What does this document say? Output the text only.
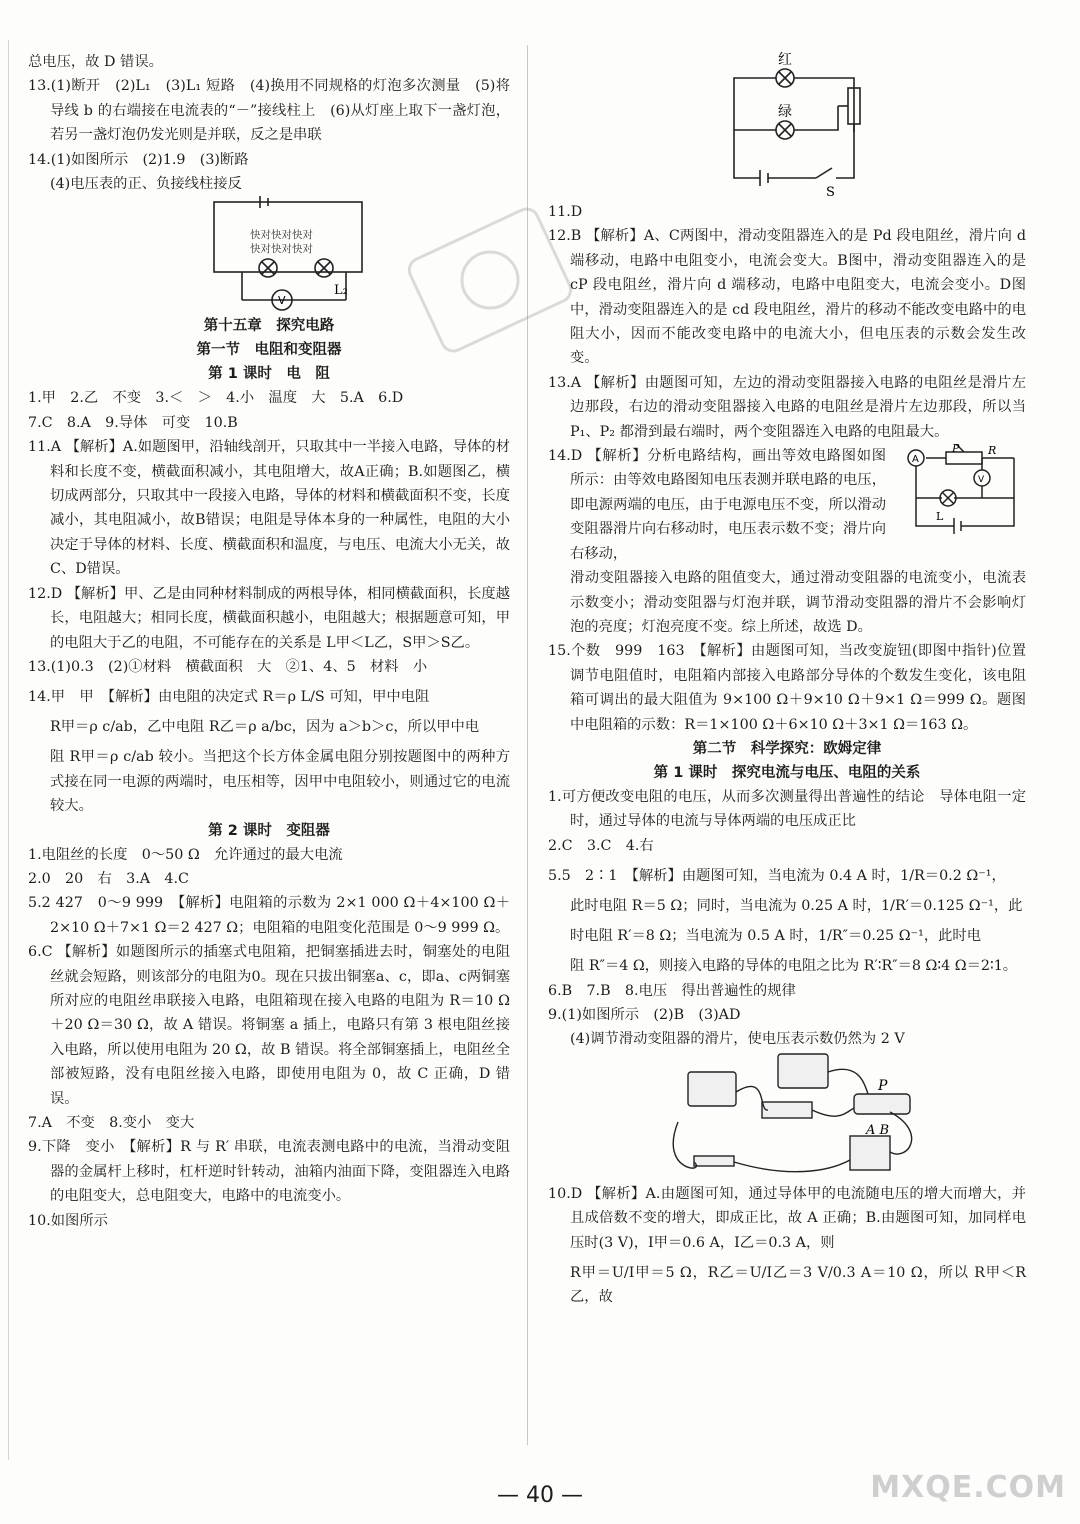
总电压，故 D 错误。

13.(1)断开　(2)L₁　(3)L₁ 短路　(4)换用不同规格的灯泡多次测量　(5)将导线 b 的右端接在电流表的“－”接线柱上　(6)从灯座上取下一盏灯泡，若另一盏灯泡仍发光则是并联，反之是串联

14.(1)如图所示　(2)1.9　(3)断路

(4)电压表的正、负接线柱接反

V
快对快对快对
快对快对快对
L₂

第十五章　探究电路

第一节　电阻和变阻器

第 1 课时　电　阻

1.甲　2.乙　不变　3.＜　＞　4.小　温度　大　5.A　6.D

7.C　8.A　9.导体　可变　10.B

11.A 【解析】A.如题图甲，沿轴线剖开，只取其中一半接入电路，导体的材料和长度不变，横截面积减小，其电阻增大，故A正确；B.如题图乙，横切成两部分，只取其中一段接入电路，导体的材料和横截面积不变，长度减小，其电阻减小，故B错误；电阻是导体本身的一种属性，电阻的大小决定于导体的材料、长度、横截面积和温度，与电压、电流大小无关，故C、D错误。

12.D 【解析】甲、乙是由同种材料制成的两根导体，相同横截面积，长度越长，电阻越大；相同长度，横截面积越小，电阻越大；根据题意可知，甲的电阻大于乙的电阻，不可能存在的关系是 L甲＜L乙，S甲＞S乙。

13.(1)0.3　(2)①材料　横截面积　大　②1、4、5　材料　小

14.甲　甲　【解析】由电阻的决定式 R＝ρ L/S 可知，甲中电阻

R甲＝ρ c/ab，乙中电阻 R乙＝ρ a/bc，因为 a＞b＞c，所以甲中电

阻 R甲＝ρ c/ab 较小。当把这个长方体金属电阻分别按题图中的两种方式接在同一电源的两端时，电压相等，因甲中电阻较小，则通过它的电流较大。

第 2 课时　变阻器

1.电阻丝的长度　0～50 Ω　允许通过的最大电流

2.0　20　右　3.A　4.C

5.2 427　0～9 999　【解析】电阻箱的示数为 2×1 000 Ω＋4×100 Ω＋2×10 Ω＋7×1 Ω＝2 427 Ω；电阻箱的电阻变化范围是 0～9 999 Ω。

6.C 【解析】如题图所示的插塞式电阻箱，把铜塞插进去时，铜塞处的电阻丝就会短路，则该部分的电阻为0。现在只拔出铜塞a、c，即a、c两铜塞所对应的电阻丝串联接入电路，电阻箱现在接入电路的电阻为 R＝10 Ω＋20 Ω＝30 Ω，故 A 错误。将铜塞 a 插上，电路只有第 3 根电阻丝接入电路，所以使用电阻为 20 Ω，故 B 错误。将全部铜塞插上，电阻丝全部被短路，没有电阻丝接入电路，即使用电阻为 0，故 C 正确，D 错误。

7.A　不变　8.变小　变大

9.下降　变小　【解析】R 与 R′ 串联，电流表测电路中的电流，当滑动变阻器的金属杆上移时，杠杆逆时针转动，油箱内油面下降，变阻器连入电路的电阻变大，总电阻变大，电路中的电流变小。

10.如图所示

红
绿
S

11.D

12.B 【解析】A、C两图中，滑动变阻器连入的是 Pd 段电阻丝，滑片向 d 端移动，电路中电阻变小，电流会变大。B图中，滑动变阻器连入的是 cP 段电阻丝，滑片向 d 端移动，电路中电阻变大，电流会变小。D图中，滑动变阻器连入的是 cd 段电阻丝，滑片的移动不能改变电路中的电阻大小，因而不能改变电路中的电流大小，但电压表的示数会发生改变。

13.A 【解析】由题图可知，左边的滑动变阻器接入电路的电阻丝是滑片左边那段，右边的滑动变阻器接入电路的电阻丝是滑片左边那段，所以当 P₁、P₂ 都滑到最右端时，两个变阻器连入电路的电阻最大。

A
P	R
V
L

14.D 【解析】分析电路结构，画出等效电路图如图所示：由等效电路图知电压表测并联电路的电压，即电源两端的电压，由于电源电压不变，所以滑动变阻器滑片向右移动时，电压表示数不变；滑片向右移动，

滑动变阻器接入电路的阻值变大，通过滑动变阻器的电流变小，电流表示数变小；滑动变阻器与灯泡并联，调节滑动变阻器的滑片不会影响灯泡的亮度；灯泡亮度不变。综上所述，故选 D。

15.个数　999　163　【解析】由题图可知，当改变旋钮(即图中指针)位置调节电阻值时，电阻箱内部接入电路部分导体的个数发生变化，该电阻箱可调出的最大阻值为 9×100 Ω＋9×10 Ω＋9×1 Ω＝999 Ω。题图中电阻箱的示数：R＝1×100 Ω＋6×10 Ω＋3×1 Ω＝163 Ω。

第二节　科学探究：欧姆定律

第 1 课时　探究电流与电压、电阻的关系

1.可方便改变电阻的电压，从而多次测量得出普遍性的结论　导体电阻一定时，通过导体的电流与导体两端的电压成正比

2.C　3.C　4.右

5.5　2∶1　【解析】由题图可知，当电流为 0.4 A 时，1/R＝0.2 Ω⁻¹，

此时电阻 R＝5 Ω；同时，当电流为 0.25 A 时，1/R′＝0.125 Ω⁻¹，此

时电阻 R′＝8 Ω；当电流为 0.5 A 时，1/R″＝0.25 Ω⁻¹，此时电

阻 R″＝4 Ω，则接入电路的导体的电阻之比为 R′∶R″＝8 Ω∶4 Ω＝2∶1。

6.B　7.B　8.电压　得出普遍性的规律

9.(1)如图所示　(2)B　(3)AD

(4)调节滑动变阻器的滑片，使电压表示数仍然为 2 V

P
A B

10.D 【解析】A.由题图可知，通过导体甲的电流随电压的增大而增大，并且成倍数不变的增大，即成正比，故 A 正确；B.由题图可知，加同样电压时(3 V)，I甲＝0.6 A，I乙＝0.3 A，则

R甲＝U/I甲＝5 Ω，R乙＝U/I乙＝3 V/0.3 A＝10 Ω，所以 R甲＜R乙，故

— 40 —	MXQE.COM
